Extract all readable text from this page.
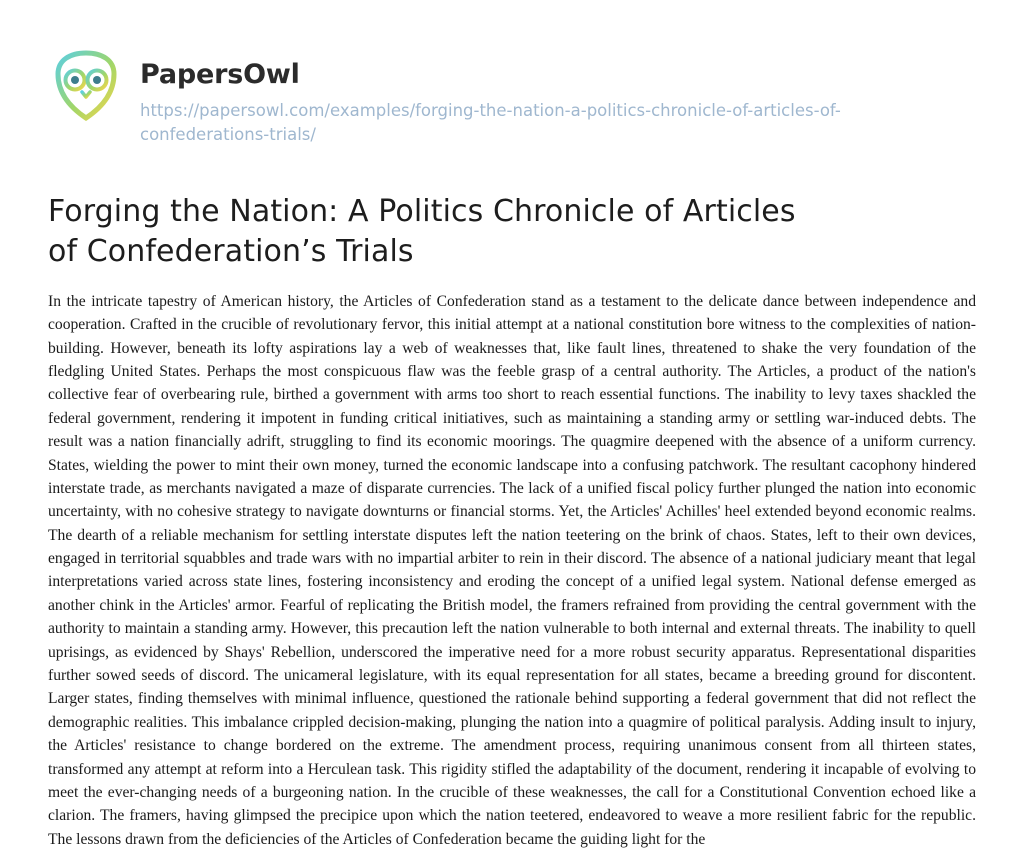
PapersOwl
https://papersowl.com/examples/forging-the-nation-a-politics-chronicle-of-articles-of-confederations-trials/
Forging the Nation: A Politics Chronicle of Articles of Confederation’s Trials

In the intricate tapestry of American history, the Articles of Confederation stand as a testament to the delicate dance between independence and cooperation. Crafted in the crucible of revolutionary fervor, this initial attempt at a national constitution bore witness to the complexities of nation-building. However, beneath its lofty aspirations lay a web of weaknesses that, like fault lines, threatened to shake the very foundation of the fledgling United States. Perhaps the most conspicuous flaw was the feeble grasp of a central authority. The Articles, a product of the nation's collective fear of overbearing rule, birthed a government with arms too short to reach essential functions. The inability to levy taxes shackled the federal government, rendering it impotent in funding critical initiatives, such as maintaining a standing army or settling war-induced debts. The result was a nation financially adrift, struggling to find its economic moorings. The quagmire deepened with the absence of a uniform currency. States, wielding the power to mint their own money, turned the economic landscape into a confusing patchwork. The resultant cacophony hindered interstate trade, as merchants navigated a maze of disparate currencies. The lack of a unified fiscal policy further plunged the nation into economic uncertainty, with no cohesive strategy to navigate downturns or financial storms. Yet, the Articles' Achilles' heel extended beyond economic realms. The dearth of a reliable mechanism for settling interstate disputes left the nation teetering on the brink of chaos. States, left to their own devices, engaged in territorial squabbles and trade wars with no impartial arbiter to rein in their discord. The absence of a national judiciary meant that legal interpretations varied across state lines, fostering inconsistency and eroding the concept of a unified legal system. National defense emerged as another chink in the Articles' armor. Fearful of replicating the British model, the framers refrained from providing the central government with the authority to maintain a standing army. However, this precaution left the nation vulnerable to both internal and external threats. The inability to quell uprisings, as evidenced by Shays' Rebellion, underscored the imperative need for a more robust security apparatus. Representational disparities further sowed seeds of discord. The unicameral legislature, with its equal representation for all states, became a breeding ground for discontent. Larger states, finding themselves with minimal influence, questioned the rationale behind supporting a federal government that did not reflect the demographic realities. This imbalance crippled decision-making, plunging the nation into a quagmire of political paralysis. Adding insult to injury, the Articles' resistance to change bordered on the extreme. The amendment process, requiring unanimous consent from all thirteen states, transformed any attempt at reform into a Herculean task. This rigidity stifled the adaptability of the document, rendering it incapable of evolving to meet the ever-changing needs of a burgeoning nation. In the crucible of these weaknesses, the call for a Constitutional Convention echoed like a clarion. The framers, having glimpsed the precipice upon which the nation teetered, endeavored to weave a more resilient fabric for the republic. The lessons drawn from the deficiencies of the Articles of Confederation became the guiding light for the
